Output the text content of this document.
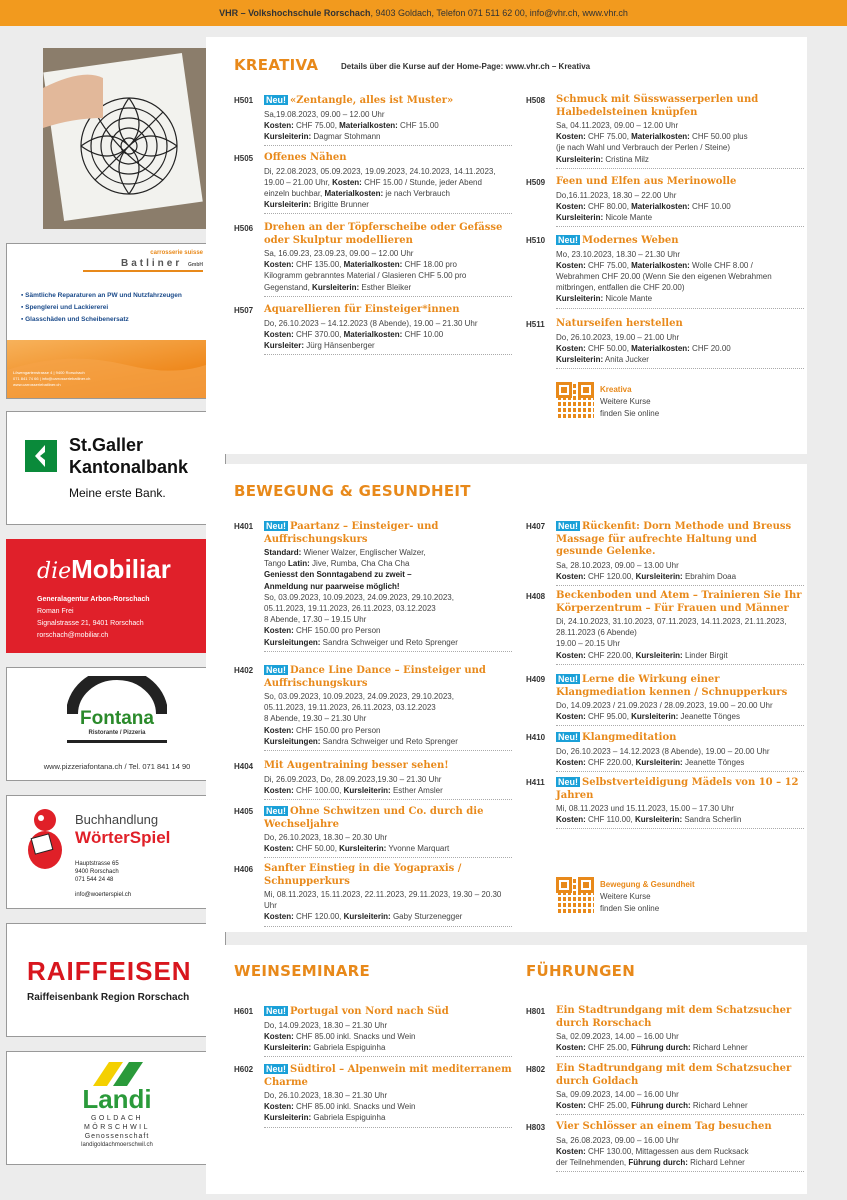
VHR – Volkshochschule Rorschach, 9403 Goldach, Telefon 071 511 62 00, info@vhr.ch, www.vhr.ch
carrosserie suisse
Batliner GmbH
▪ Sämtliche Reparaturen an PW und Nutzfahrzeugen
▪ Spenglerei und Lackiererei
▪ Glasschäden und Scheibenersatz
Löwengartenstrasse 4 | 9400 Rorschach
071 841 74 66 | info@carrosseriebatliner.ch
www.carrosseriebatliner.ch
St.Galler
Kantonalbank
Meine erste Bank.
dieMobiliar
Generalagentur Arbon-Rorschach
Roman Frei
Signalstrasse 21, 9401 Rorschach
rorschach@mobiliar.ch
Fontana
Ristorante / Pizzeria
www.pizzeriafontana.ch / Tel. 071 841 14 90
Buchhandlung
WörterSpiel
Hauptstrasse 65
9400 Rorschach
071 544 24 48
info@woerterspiel.ch
RAIFFEISEN
Raiffeisenbank Region Rorschach
Landi
GOLDACH
MÖRSCHWIL
Genossenschaft
landigoldachmoerschwil.ch
KREATIVA	Details über die Kurse auf der Home-Page: www.vhr.ch – Kreativa
H501 Neu! «Zentangle, alles ist Muster»
Sa,19.08.2023, 09.00 – 12.00 Uhr
Kosten: CHF 75.00, Materialkosten: CHF 15.00
Kursleiterin: Dagmar Stohmann
H505 Offenes Nähen
Di, 22.08.2023, 05.09.2023, 19.09.2023, 24.10.2023, 14.11.2023,
19.00 – 21.00 Uhr, Kosten: CHF 15.00 / Stunde, jeder Abend
einzeln buchbar, Materialkosten: je nach Verbrauch
Kursleiterin: Brigitte Brunner
H506 Drehen an der Töpferscheibe oder Gefässe oder Skulptur modellieren
Sa, 16.09.23, 23.09.23, 09.00 – 12.00 Uhr
Kosten: CHF 135.00, Materialkosten: CHF 18.00 pro
Kilogramm gebranntes Material / Glasieren CHF 5.00 pro
Gegenstand, Kursleiterin: Esther Bleiker
H507 Aquarellieren für Einsteiger*innen
Do, 26.10.2023 – 14.12.2023 (8 Abende), 19.00 – 21.30 Uhr
Kosten: CHF 370.00, Materialkosten: CHF 10.00
Kursleiter: Jürg Hänsenberger
H508 Schmuck mit Süsswasserperlen und Halbedelsteinen knüpfen
Sa, 04.11.2023, 09.00 – 12.00 Uhr
Kosten: CHF 75.00, Materialkosten: CHF 50.00 plus
(je nach Wahl und Verbrauch der Perlen / Steine)
Kursleiterin: Cristina Milz
H509 Feen und Elfen aus Merinowolle
Do,16.11.2023, 18.30 – 22.00 Uhr
Kosten: CHF 80.00, Materialkosten: CHF 10.00
Kursleiterin: Nicole Mante
H510 Neu! Modernes Weben
Mo, 23.10.2023, 18.30 – 21.30 Uhr
Kosten: CHF 75.00, Materialkosten: Wolle CHF 8.00 /
Webrahmen CHF 20.00 (Wenn Sie den eigenen Webrahmen
mitbringen, entfallen die CHF 20.00)
Kursleiterin: Nicole Mante
H511 Naturseifen herstellen
Do, 26.10.2023, 19.00 – 21.00 Uhr
Kosten: CHF 50.00, Materialkosten: CHF 20.00
Kursleiterin: Anita Jucker
Kreativa
Weitere Kurse
finden Sie online
BEWEGUNG & GESUNDHEIT
H401 Neu! Paartanz – Einsteiger- und Auffrischungskurs
Standard: Wiener Walzer, Englischer Walzer,
Tango Latin: Jive, Rumba, Cha Cha Cha
Geniesst den Sonntagabend zu zweit –
Anmeldung nur paarweise möglich!
So, 03.09.2023, 10.09.2023, 24.09.2023, 29.10.2023,
05.11.2023, 19.11.2023, 26.11.2023, 03.12.2023
8 Abende, 17.30 – 19.15 Uhr
Kosten: CHF 150.00 pro Person
Kursleitungen: Sandra Schweiger und Reto Sprenger
H402 Neu! Dance Line Dance – Einsteiger und Auffrischungskurs
So, 03.09.2023, 10.09.2023, 24.09.2023, 29.10.2023,
05.11.2023, 19.11.2023, 26.11.2023, 03.12.2023
8 Abende, 19.30 – 21.30 Uhr
Kosten: CHF 150.00 pro Person
Kursleitungen: Sandra Schweiger und Reto Sprenger
H404 Mit Augentraining besser sehen!
Di, 26.09.2023, Do, 28.09.2023,19.30 – 21.30 Uhr
Kosten: CHF 100.00, Kursleiterin: Esther Amsler
H405 Neu! Ohne Schwitzen und Co. durch die Wechseljahre
Do, 26.10.2023, 18.30 – 20.30 Uhr
Kosten: CHF 50.00, Kursleiterin: Yvonne Marquart
H406 Sanfter Einstieg in die Yogapraxis / Schnupperkurs
Mi, 08.11.2023, 15.11.2023, 22.11.2023, 29.11.2023, 19.30 – 20.30 Uhr
Kosten: CHF 120.00, Kursleiterin: Gaby Sturzenegger
H407 Neu! Rückenfit: Dorn Methode und Breuss Massage für aufrechte Haltung und gesunde Gelenke.
Sa, 28.10.2023, 09.00 – 13.00 Uhr
Kosten: CHF 120.00, Kursleiterin: Ebrahim Doaa
H408 Beckenboden und Atem – Trainieren Sie Ihr Körperzentrum – Für Frauen und Männer
Di, 24.10.2023, 31.10.2023, 07.11.2023, 14.11.2023, 21.11.2023,
28.11.2023 (6 Abende)
19.00 – 20.15 Uhr
Kosten: CHF 220.00, Kursleiterin: Linder Birgit
H409 Neu! Lerne die Wirkung einer Klangmediation kennen / Schnupperkurs
Do, 14.09.2023 / 21.09.2023 / 28.09.2023, 19.00 – 20.00 Uhr
Kosten: CHF 95.00, Kursleiterin: Jeanette Tönges
H410 Neu! Klangmeditation
Do, 26.10.2023 – 14.12.2023 (8 Abende), 19.00 – 20.00 Uhr
Kosten: CHF 220.00, Kursleiterin: Jeanette Tönges
H411 Neu! Selbstverteidigung Mädels von 10 – 12 Jahren
Mi, 08.11.2023 und 15.11.2023, 15.00 – 17.30 Uhr
Kosten: CHF 110.00, Kursleiterin: Sandra Scherlin
Bewegung & Gesundheit
Weitere Kurse
finden Sie online
WEINSEMINARE	FÜHRUNGEN
H601 Neu! Portugal von Nord nach Süd
Do, 14.09.2023, 18.30 – 21.30 Uhr
Kosten: CHF 85.00 inkl. Snacks und Wein
Kursleiterin: Gabriela Espiguinha
H602 Neu! Südtirol – Alpenwein mit mediterranem Charme
Do, 26.10.2023, 18.30 – 21.30 Uhr
Kosten: CHF 85.00 inkl. Snacks und Wein
Kursleiterin: Gabriela Espiguinha
H801 Ein Stadtrundgang mit dem Schatzsucher durch Rorschach
Sa, 02.09.2023, 14.00 – 16.00 Uhr
Kosten: CHF 25.00, Führung durch: Richard Lehner
H802 Ein Stadtrundgang mit dem Schatzsucher durch Goldach
Sa, 09.09.2023, 14.00 – 16.00 Uhr
Kosten: CHF 25.00, Führung durch: Richard Lehner
H803 Vier Schlösser an einem Tag besuchen
Sa, 26.08.2023, 09.00 – 16.00 Uhr
Kosten: CHF 130.00, Mittagessen aus dem Rucksack
der Teilnehmenden, Führung durch: Richard Lehner
